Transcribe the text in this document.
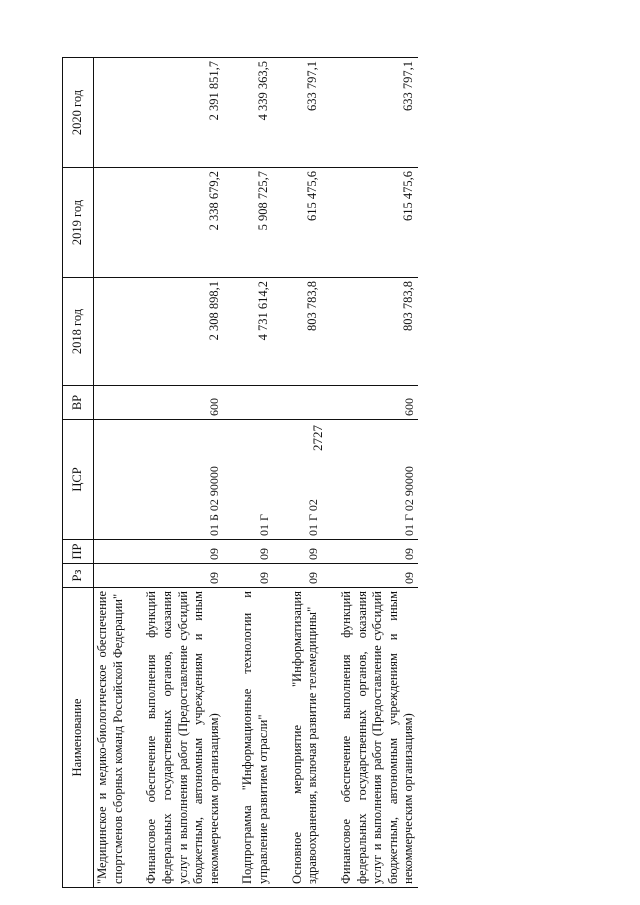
2727
Наименование	Рз	ПР	ЦСР	ВР	2018 год	2019 год	2020 год
"Медицинское и медико-биологическое обеспечение спортсменов сборных команд Российской Федерации"							

Финансовое обеспечение выполнения функций федеральных государственных органов, оказания услуг и выполнения работ (Предоставление субсидий бюджетным, автономным учреждениям и иным некоммерческим организациям)	09	09	01 Б 02 90000	600	2 308 898,1	2 338 679,2	2 391 851,7

Подпрограмма "Информационные технологии и управление развитием отрасли"	09	09	01 Г		4 731 614,2	5 908 725,7	4 339 363,5

Основное мероприятие "Информатизация здравоохранения, включая развитие телемедицины"	09	09	01 Г 02		803 783,8	615 475,6	633 797,1

Финансовое обеспечение выполнения функций федеральных государственных органов, оказания услуг и выполнения работ (Предоставление субсидий бюджетным, автономным учреждениям и иным некоммерческим организациям)	09	09	01 Г 02 90000	600	803 783,8	615 475,6	633 797,1
